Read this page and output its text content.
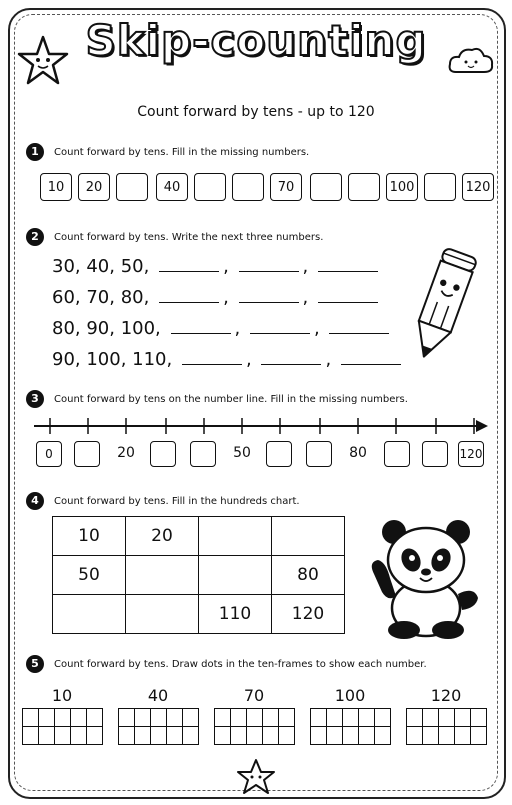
Skip-counting
Count forward by tens - up to 120
1	Count forward by tens. Fill in the missing numbers.
10	20	40	70	100	120
2	Count forward by tens. Write the next three numbers.
30, 40, 50,	,	,
60, 70, 80,	,	,
80, 90, 100,	,	,
90, 100, 110,	,	,
3	Count forward by tens on the number line. Fill in the missing numbers.
0	120
20	50	80
4	Count forward by tens. Fill in the hundreds chart.
10	20		
50			80
		110	120
5	Count forward by tens. Draw dots in the ten-frames to show each number.
10

					40

					70

					100

					120
